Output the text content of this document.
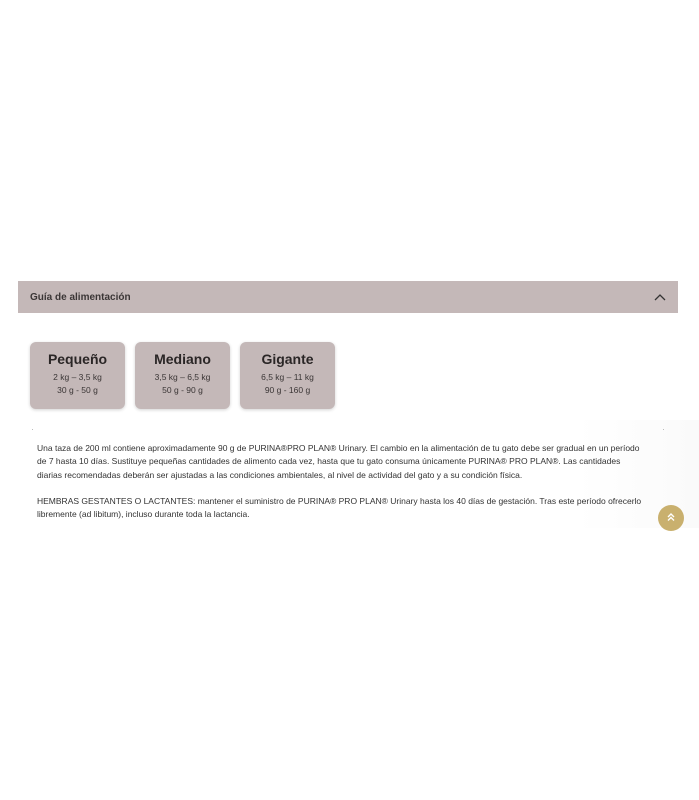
Guía de alimentación
Pequeño
2 kg – 3,5 kg
30 g - 50 g
Mediano
3,5 kg – 6,5 kg
50 g - 90 g
Gigante
6,5 kg – 11 kg
90 g - 160 g

Una taza de 200 ml contiene aproximadamente 90 g de PURINA®PRO PLAN® Urinary. El cambio en la alimentación de tu gato debe ser gradual en un período de 7 hasta 10 días. Sustituye pequeñas cantidades de alimento cada vez, hasta que tu gato consuma únicamente PURINA® PRO PLAN®. Las cantidades diarias recomendadas deberán ser ajustadas a las condiciones ambientales, al nivel de actividad del gato y a su condición física.

HEMBRAS GESTANTES O LACTANTES: mantener el suministro de PURINA® PRO PLAN® Urinary hasta los 40 días de gestación. Tras este período ofrecerlo libremente (ad libitum), incluso durante toda la lactancia.
